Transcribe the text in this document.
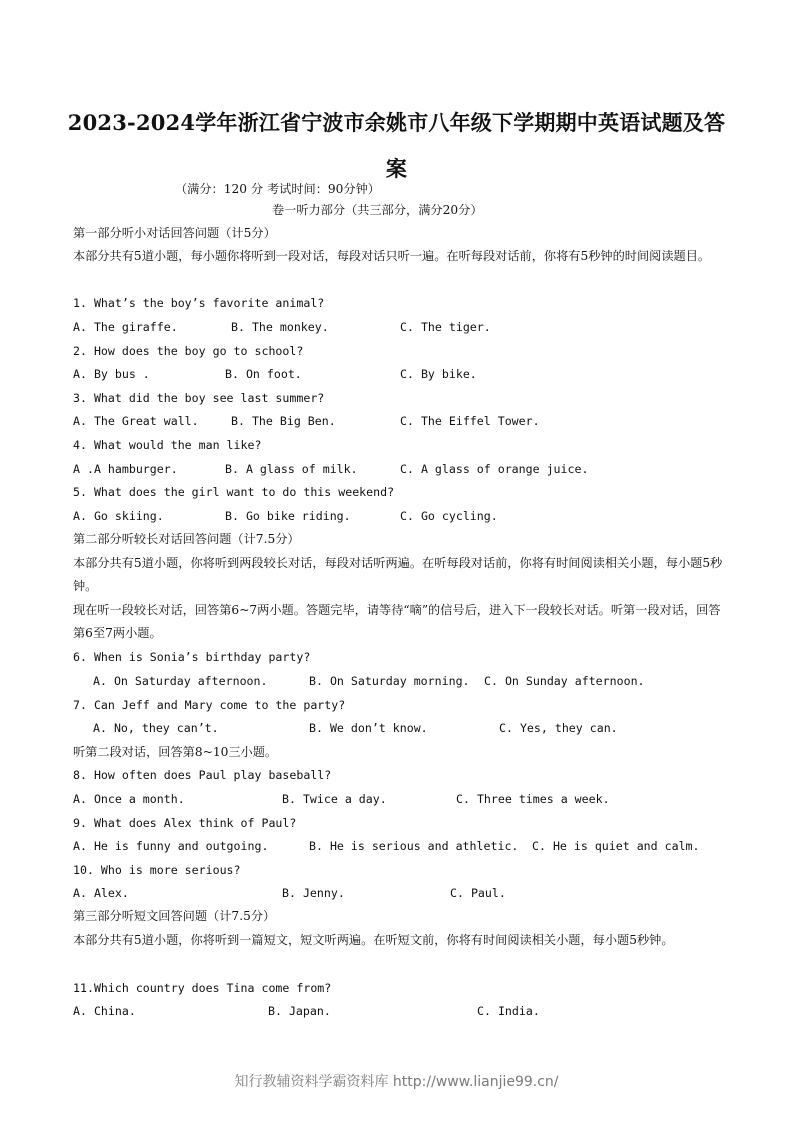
2023-2024学年浙江省宁波市余姚市八年级下学期期中英语试题及答案
（满分：120 分 考试时间：90分钟）
卷一听力部分（共三部分，满分20分）
第一部分听小对话回答问题（计5分）
本部分共有5道小题，每小题你将听到一段对话，每段对话只听一遍。在听每段对话前，你将有5秒钟的时间阅读题目。
1. What’s the boy’s favorite animal?
A. The giraffe.	B. The monkey.	C. The tiger.
2. How does the boy go to school?
A. By bus .	B. On foot.	C. By bike.
3. What did the boy see last summer?
A. The Great wall.	B. The Big Ben.	C. The Eiffel Tower.
4. What would the man like?
A .A hamburger.	B. A glass of milk.	C. A glass of orange juice.
5. What does the girl want to do this weekend?
A. Go skiing.	B. Go bike riding.	C. Go cycling.
第二部分听较长对话回答问题（计7.5分）
本部分共有5道小题，你将听到两段较长对话，每段对话听两遍。在听每段对话前，你将有时间阅读相关小题，每小题5秒钟。
现在听一段较长对话，回答第6~7两小题。答题完毕，请等待“嘀”的信号后，进入下一段较长对话。听第一段对话，回答第6至7两小题。
6. When is Sonia’s birthday party?
A. On Saturday afternoon.	B. On Saturday morning. C. On Sunday afternoon.
7. Can Jeff and Mary come to the party?
A. No, they can’t.	B. We don’t know.	C. Yes, they can.
听第二段对话，回答第8~10三小题。
8. How often does Paul play baseball?
A. Once a month.	B. Twice a day.	C. Three times a week.
9. What does Alex think of Paul?
A. He is funny and outgoing.	B. He is serious and athletic. C. He is quiet and calm.
10. Who is more serious?
A. Alex.	B. Jenny.	C. Paul.
第三部分听短文回答问题（计7.5分）
本部分共有5道小题，你将听到一篇短文，短文听两遍。在听短文前，你将有时间阅读相关小题，每小题5秒钟。
11.Which country does Tina come from?
A. China.	B. Japan.	C. India.
知行教辅资料学霸资料库 http://www.lianjie99.cn/
